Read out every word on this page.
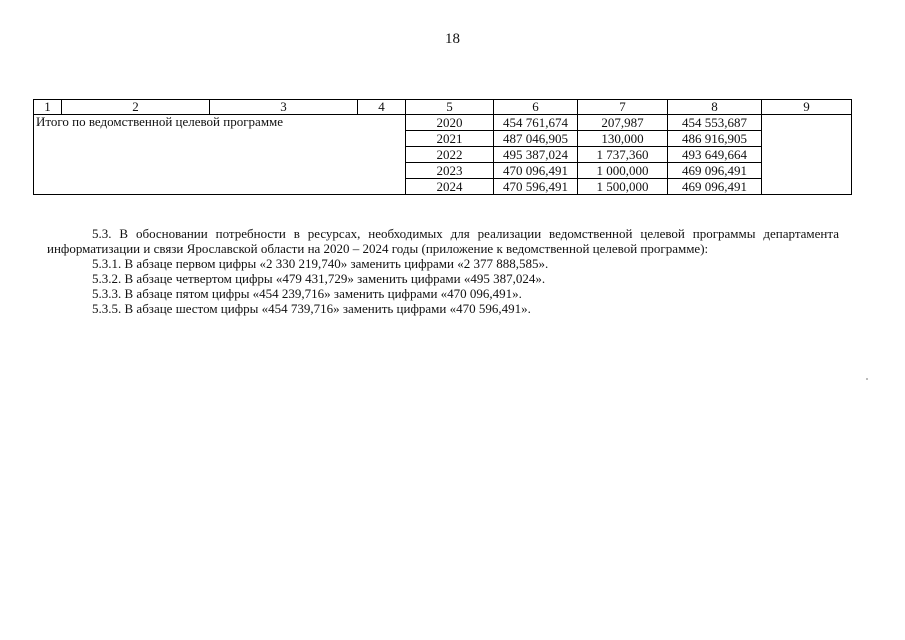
18
1	2	3	4	5	6	7	8	9
Итого по ведомственной целевой программе				2020	454 761,674	207,987	454 553,687	
				2021	487 046,905	130,000	486 916,905	
				2022	495 387,024	1 737,360	493 649,664	
				2023	470 096,491	1 000,000	469 096,491	
				2024	470 596,491	1 500,000	469 096,491	

5.3. В обосновании потребности в ресурсах, необходимых для реализации ведомственной целевой программы департамента информатизации и связи Ярославской области на 2020 – 2024 годы (приложение к ведомственной целевой программе):

5.3.1. В абзаце первом цифры «2 330 219,740» заменить цифрами «2 377 888,585».

5.3.2. В абзаце четвертом цифры «479 431,729» заменить цифрами «495 387,024».

5.3.3. В абзаце пятом цифры «454 239,716» заменить цифрами «470 096,491».

5.3.5. В абзаце шестом цифры «454 739,716» заменить цифрами «470 596,491».
